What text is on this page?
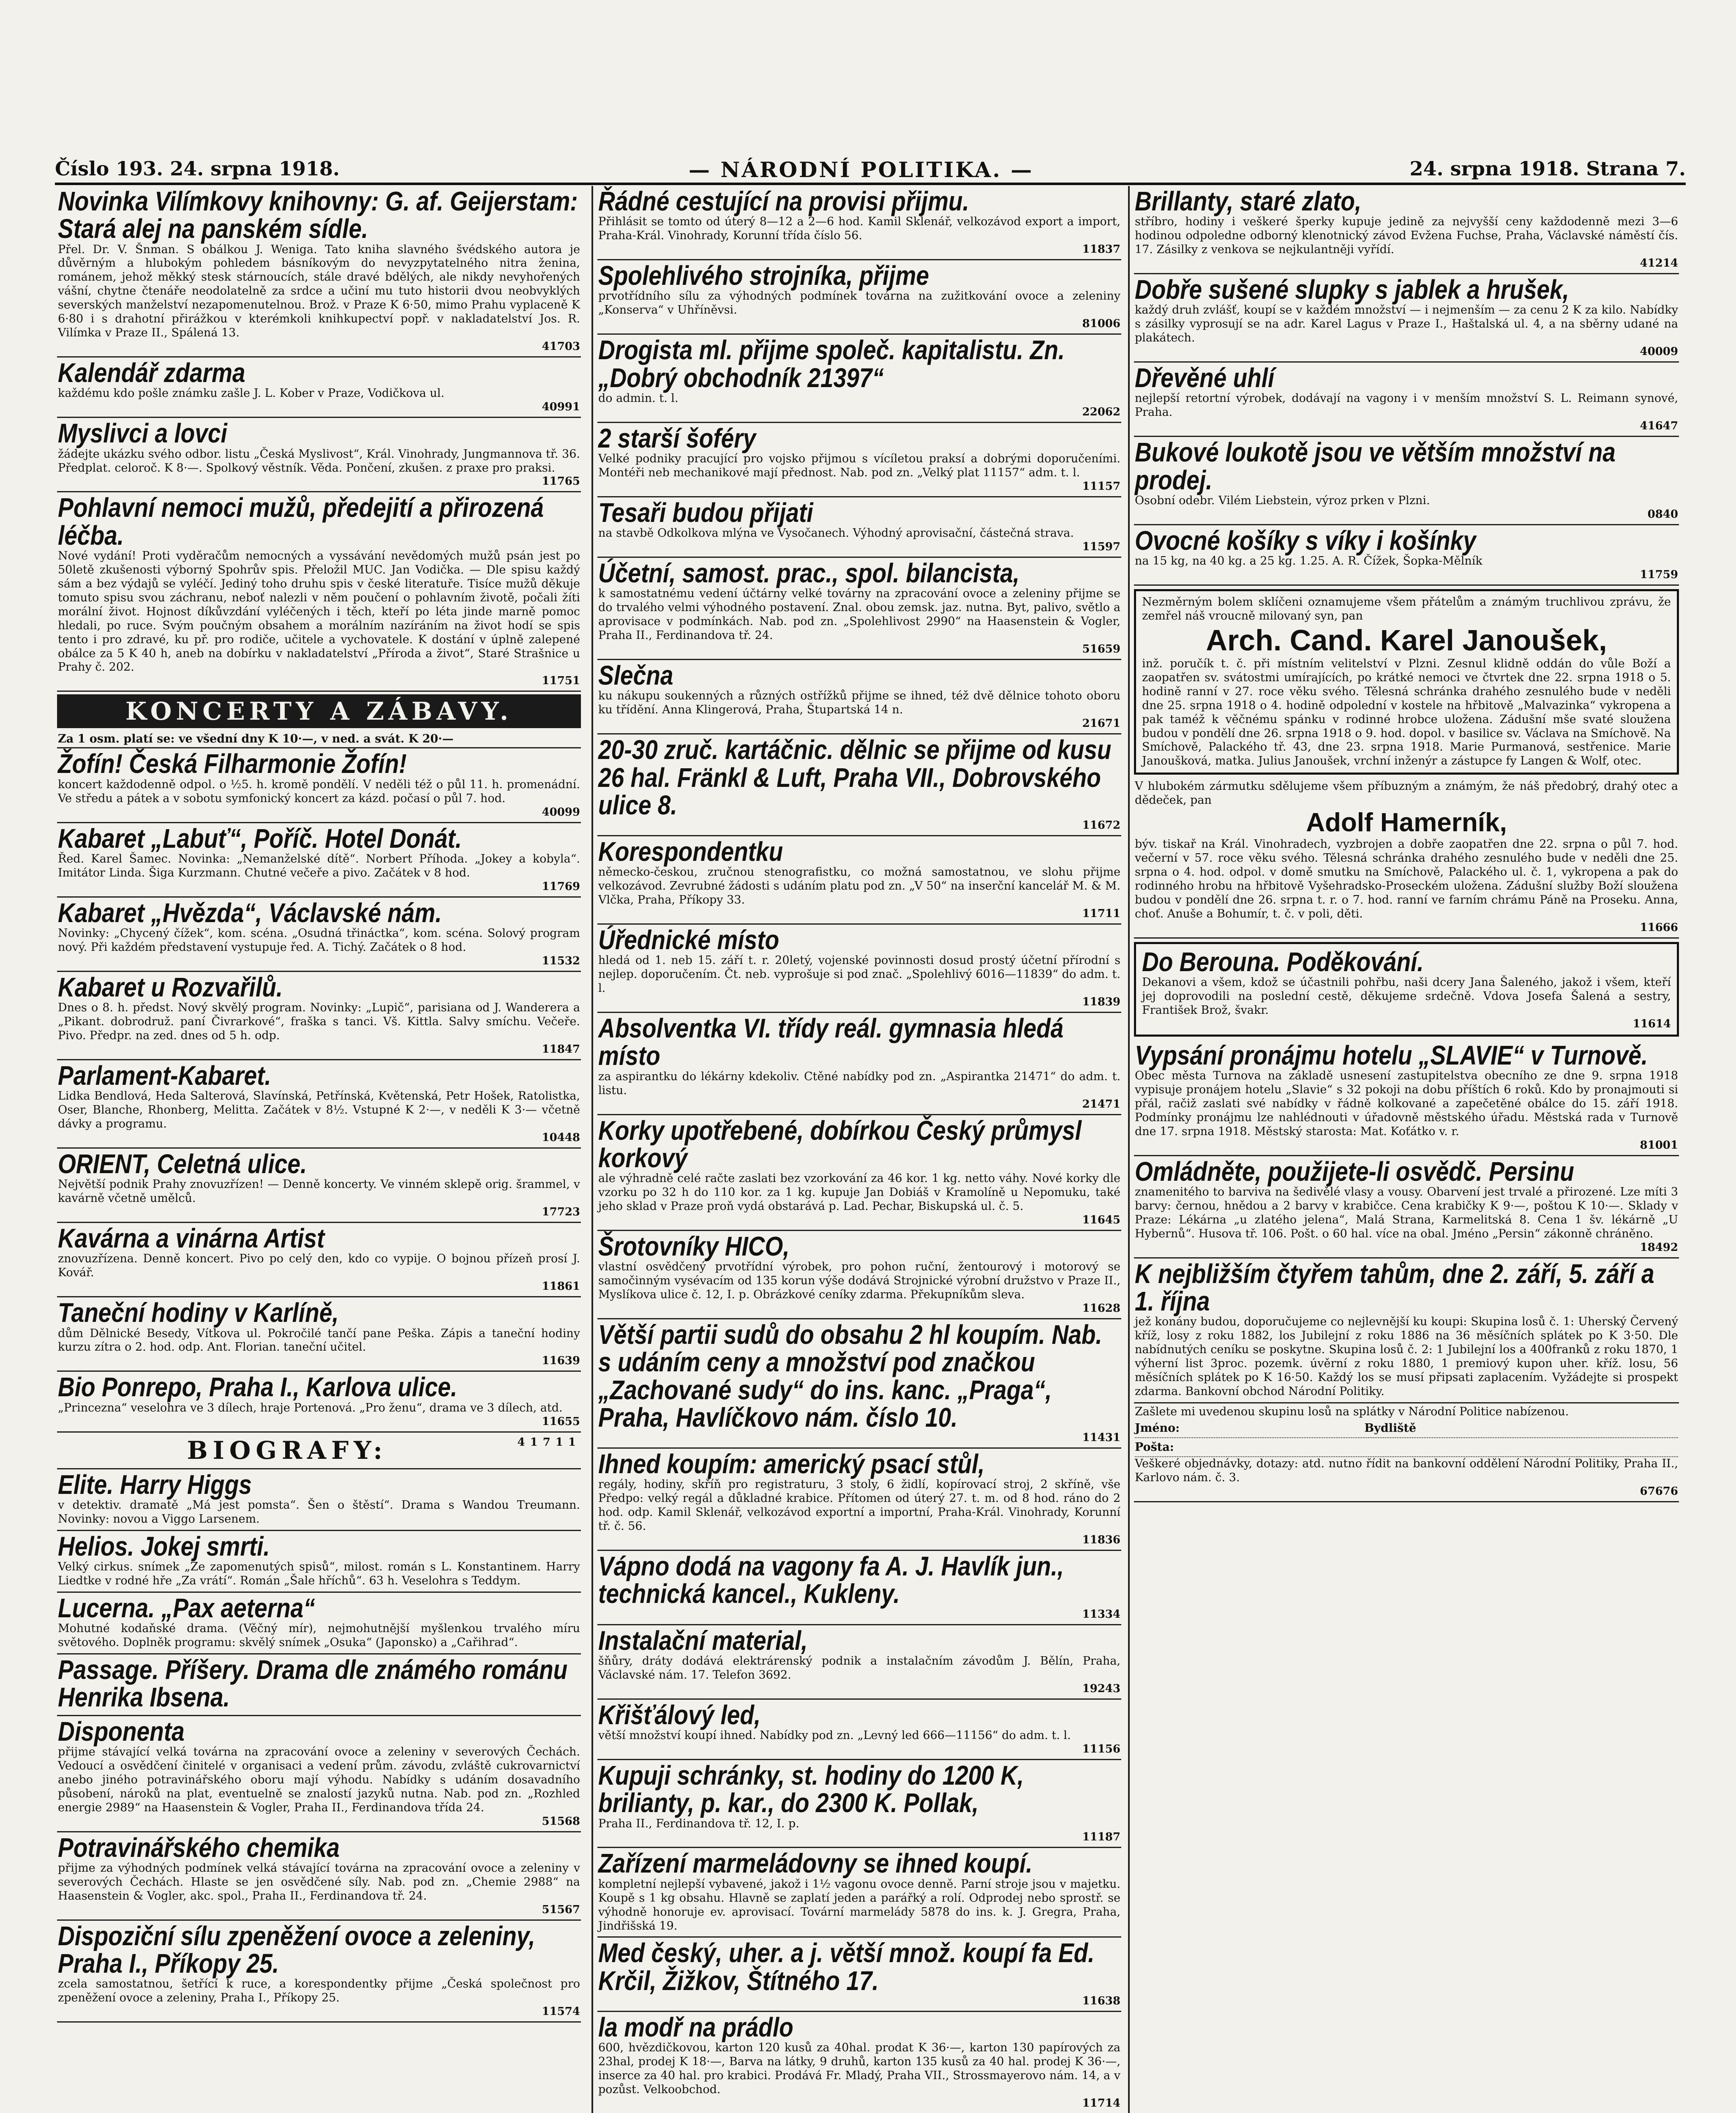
Číslo 193. 24. srpna 1918.	— NÁRODNÍ POLITIKA. —	24. srpna 1918. Strana 7.
Novinka Vilímkovy knihovny: G. af. Geijerstam: Stará alej na panském sídle.
Přel. Dr. V. Šnman. S obálkou J. Wenigа. Tato kniha slavného švédského autora je důvěrným a hlubokým pohledem básníkovým do nevyzpytatelného nitra ženina, románem, jehož měkký stesk stárnoucích, stále dravé bdělých, ale nikdy nevyhořených vášní, chytne čtenáře neodolatelně za srdce a učiní mu tuto historii dvou neobvyklých severských manželství nezapomenutelnou. Brož. v Praze K 6·50, mimo Prahu vyplaceně K 6·80 i s drahotní přirážkou v kterémkoli knihkupectví popř. v nakladatelství Jos. R. Vilímka v Praze II., Spálená 13.
41703
Kalendář zdarma
každému kdo pošle známku zašle J. L. Kober v Praze, Vodičkova ul.
40991
Myslivci a lovci
žádejte ukázku svého odbor. listu „Česká Myslivost“, Král. Vinohrady, Jungmannova tř. 36. Předplat. celoroč. K 8·—. Spolkový věstník. Věda. Pončení, zkušen. z praxe pro praksi.
11765
Pohlavní nemoci mužů, předejití a přirozená léčba.
Nové vydání! Proti vyděračům nemocných a vyssávání nevědomých mužů psán jest po 50letě zkušenosti výborný Spohrův spis. Přeložil MUC. Jan Vodička. — Dle spisu každý sám a bez výdajů se vyléčí. Jediný toho druhu spis v české literatuře. Tisíce mužů děkuje tomuto spisu svou záchranu, neboť nalezli v něm poučení o pohlavním životě, počali žíti morální život. Hojnost díkůvzdání vyléčených i těch, kteří po léta jinde marně pomoc hledali, po ruce. Svým poučným obsahem a morálním nazíráním na život hodí se spis tento i pro zdravé, ku př. pro rodiče, učitele a vychovatele. K dostání v úplně zalepené obálce za 5 K 40 h, aneb na dobírku v nakladatelství „Příroda a život“, Staré Strašnice u Prahy č. 202.
11751
KONCERTY A ZÁBAVY.
Za 1 osm. platí se: ve všední dny K 10·—, v ned. a svát. K 20·—
Žofín! Česká Filharmonie Žofín!
koncert každodenně odpol. o ½5. h. kromě pondělí. V neděli též o půl 11. h. promenádní. Ve středu a pátek a v sobotu symfonický koncert za kázd. počasí o půl 7. hod.
40099
Kabaret „Labuť“, Poříč. Hotel Donát.
Řed. Karel Šamec. Novinka: „Nemanželské dítě“. Norbert Příhoda. „Jokey a kobyla“. Imitátor Linda. Šiga Kurzmann. Chutné večeře a pivo. Začátek v 8 hod.
11769
Kabaret „Hvězda“, Václavské nám.
Novinky: „Chycený čížek“, kom. scéna. „Osudná třináctka“, kom. scéna. Solový program nový. Při každém představení vystupuje řed. A. Tichý. Začátek o 8 hod.
11532
Kabaret u Rozvařilů.
Dnes o 8. h. předst. Nový skvělý program. Novinky: „Lupič“, parisiana od J. Wanderera a „Pikant. dobrodruž. paní Čivrarkové“, fraška s tanci. Vš. Kittla. Salvy smíchu. Večeře. Pivo. Předpr. na zed. dnes od 5 h. odp.
11847
Parlament-Kabaret.
Lidka Bendlová, Hedа Salterová, Slavínská, Petřínská, Květenská, Petr Hošek, Ratolistka, Oser, Blanche, Rhonberg, Melitta. Začátek v 8½. Vstupné K 2·—, v neděli K 3·— včetně dávky a programu.
10448
ORIENT, Celetná ulice.
Největší podnik Prahy znovuzřízen! — Denně koncerty. Ve vinném sklepě orig. šrammel, v kavárně včetně umělců.
17723
Kavárna a vinárna Artist
znovuzřízena. Denně koncert. Pivo po celý den, kdo co vypije. O bojnou přízeň prosí J. Kovář.
11861
Taneční hodiny v Karlíně,
dům Dělnické Besedy, Vítkova ul. Pokročilé tančí pane Peška. Zápis a taneční hodiny kurzu zítra o 2. hod. odp. Ant. Florian. taneční učitel.
11639
Bio Ponrepo, Praha I., Karlova ulice.
„Princezna“ veselohra ve 3 dílech, hraje Portenová. „Pro ženu“, drama ve 3 dílech, atd.
11655
BIOGRAFY:	41711
Elite. Harry Higgs
v detektiv. dramatě „Má jest pomsta“. Šen o štěstí“. Drama s Wandou Treumann. Novinky: novou a Viggo Larsenem.
Helios. Jokej smrti.
Velký cirkus. snímek „Ze zapomenutých spisů“, milost. román s L. Konstantinem. Harry Liedtke v rodné hře „Za vrátí“. Román „Šale hříchů“. 63 h. Veselohra s Teddym.
Lucerna. „Pax aeterna“
Mohutné kodaňské drama. (Věčný mír), nejmohutnější myšlenkou trvalého míru světového. Doplněk programu: skvělý snímek „Osuka“ (Japonsko) a „Cařihrad“.
Passage. Příšery. Drama dle známého románu Henrika Ibsena.
Disponenta
přijme stávající velká továrna na zpracování ovoce a zeleniny v severových Čechách. Vedoucí a osvědčení činitelé v organisaci a vedení prům. závodu, zvláště cukrovarnictví anebo jiného potravinářského oboru mají výhodu. Nabídky s udáním dosavadního působení, nároků na plat, eventuelně se znalostí jazyků nutna. Nab. pod zn. „Rozhled energie 2989“ na Haasenstein & Vogler, Praha II., Ferdinandova třída 24.
51568
Potravinářského chemika
přijme za výhodných podmínek velká stávající továrna na zpracování ovoce a zeleniny v severových Čechách. Hlaste se jen osvědčené síly. Nab. pod zn. „Chemie 2988“ na Haasenstein & Vogler, akc. spol., Praha II., Ferdinandova tř. 24.
51567
Dispoziční sílu zpeněžení ovoce a zeleniny, Praha I., Příkopy 25.
zcela samostatnou, šetřící k ruce, a korespondentky přijme „Česká společnost pro zpeněžení ovoce a zeleniny, Praha I., Příkopy 25.
11574
Řádné cestující na provisi přijmu.
Přihlásit se tomto od úterý 8—12 a 2—6 hod. Kamil Sklenář, velkozávod export a import, Praha-Král. Vinohrady, Korunní třída číslo 56.
11837
Spolehlivého strojníka, přijme
prvotřídního sílu za výhodných podmínek továrna na zužitkování ovoce a zeleniny „Konserva“ v Uhříněvsi.
81006
Drogista ml. přijme společ. kapitalistu. Zn. „Dobrý obchodník 21397“
do admin. t. l.
22062
2 starší šoféry
Velké podniky pracující pro vojsko přijmou s vícíletou praksí a dobrými doporučeními. Montéři neb mechanikové mají přednost. Nab. pod zn. „Velký plat 11157“ adm. t. l.
11157
Tesaři budou přijati
na stavbě Odkolkova mlýna ve Vysočanech. Výhodný aprovisační, částečná strava.
11597
Účetní, samost. prac., spol. bilancista,
k samostatnému vedení účtárny velké továrny na zpracování ovoce a zeleniny přijme se do trvalého velmi výhodného postavení. Znal. obou zemsk. jaz. nutna. Byt, palivo, světlo a aprovisace v podmínkách. Nab. pod zn. „Spolehlivost 2990“ na Haasenstein & Vogler, Praha II., Ferdinandova tř. 24.
51659
Slečna
ku nákupu soukenných a různých ostřížků přijme se ihned, též dvě dělnice tohoto oboru ku třídění. Anna Klingerová, Praha, Štupartská 14 n.
21671
20-30 zruč. kartáčnic. dělnic se přijme od kusu 26 hal. Fränkl & Luft, Praha VII., Dobrovského ulice 8.
11672
Korespondentku
německo-českou, zručnou stenografistku, co možná samostatnou, ve slohu přijme velkozávod. Zevrubné žádosti s udáním platu pod zn. „V 50“ na inserční kancelář M. & M. Vlčka, Praha, Příkopy 33.
11711
Úřednické místo
hledá od 1. neb 15. září t. r. 20letý, vojenské povinnosti dosud prostý účetní přírodní s nejlep. doporučením. Čt. neb. vyprošuje si pod znač. „Spolehlivý 6016—11839“ do adm. t. l.
11839
Absolventka VI. třídy reál. gymnasia hledá místo
za aspirantku do lékárny kdekoliv. Ctěné nabídky pod zn. „Aspirantka 21471“ do adm. t. listu.
21471
Korky upotřebené, dobírkou Český průmysl korkový
ale výhradně celé račte zaslati bez vzorkování za 46 kor. 1 kg. netto váhy. Nové korky dle vzorku po 32 h do 110 kor. za 1 kg. kupuje Jan Dobiáš v Kramolíně u Nepomuku, také jeho sklad v Praze proň vydá obstarává p. Lad. Pechar, Biskupská ul. č. 5.
11645
Šrotovníky HICO,
vlastní osvědčený prvotřídní výrobek, pro pohon ruční, žentourový i motorový se samočinným vysévacím od 135 korun výše dodává Strojnické výrobní družstvo v Praze II., Myslíkova ulice č. 12, I. p. Obrázkové ceníky zdarma. Překupníkům sleva.
11628
Větší partii sudů do obsahu 2 hl koupím. Nab. s udáním ceny a množství pod značkou „Zachované sudy“ do ins. kanc. „Praga“, Praha, Havlíčkovo nám. číslo 10.
11431
Ihned koupím: americký psací stůl,
regály, hodiny, skříň pro registraturu, 3 stoly, 6 židlí, kopírovací stroj, 2 skříně, vše Předpo: velký regál a důkladné krabice. Přítomen od úterý 27. t. m. od 8 hod. ráno do 2 hod. odp. Kamil Sklenář, velkozávod exportní a importní, Praha-Král. Vinohrady, Korunní tř. č. 56.
11836
Vápno dodá na vagony fa A. J. Havlík jun., technická kancel., Kukleny.
11334
Instalační material,
šňůry, dráty dodává elektrárenský podnik a instalačním závodům J. Bělín, Praha, Václavské nám. 17. Telefon 3692.
19243
Křišťálový led,
větší množství koupí ihned. Nabídky pod zn. „Levný led 666—11156“ do adm. t. l.
11156
Kupuji schránky, st. hodiny do 1200 K, brilianty, p. kar., do 2300 K. Pollak,
Praha II., Ferdinandova tř. 12, I. p.
11187
Zařízení marmeládovny se ihned koupí.
kompletní nejlepší vybavené, jakož i 1½ vagonu ovoce denně. Parní stroje jsou v majetku. Koupě s 1 kg obsahu. Hlavně se zaplatí jeden a parářký a rolí. Odprodej nebo sprostř. se výhodně honoruje ev. aprovisací. Tovární marmelády 5878 do ins. k. J. Gregra, Praha, Jindřišská 19.
Med český, uher. a j. větší množ. koupí fa Ed. Krčil, Žižkov, Štítného 17.
11638
la modř na prádlo
600, hvězdičkovou, karton 120 kusů za 40hal. prodat K 36·—, karton 130 papírových za 23hal, prodej K 18·—, Barva na látky, 9 druhů, karton 135 kusů za 40 hal. prodej K 36·—, inserce za 40 hal. pro krabici. Prodává Fr. Mladý, Praha VII., Strossmayerovo nám. 14, a v pozůst. Velkoobchod.
11714
Brillanty, staré zlato,
stříbro, hodiny i veškeré šperky kupuje jedině za nejvyšší ceny každodenně mezi 3—6 hodinou odpoledne odborný klenotnický závod Evžena Fuchse, Praha, Václavské náměstí čís. 17. Zásilky z venkova se nejkulantněji vyřídí.
41214
Dobře sušené slupky s jablek a hrušek,
každý druh zvlášť, koupí se v každém množství — i nejmenším — za cenu 2 K za kilo. Nabídky s zásilky vyprosují se na adr. Karel Lagus v Praze I., Haštalská ul. 4, a na sběrny udané na plakátech.
40009
Dřevěné uhlí
nejlepší retortní výrobek, dodávají na vagony i v menším množství S. L. Reimann synové, Praha.
41647
Bukové loukotě jsou ve větším množství na prodej.
Osobní odebr. Vilém Liebstein, výroz prken v Plzni.
0840
Ovocné košíky s víky i košínky
na 15 kg, na 40 kg. a 25 kg. 1.25. A. R. Čížek, Šopka-Mělník
11759
Nezměrným bolem sklíčeni oznamujeme všem přátelům a známým truchlivou zprávu, že zemřel náš vroucně milovaný syn, pan
Arch. Cand. Karel Janoušek,
inž. poručík t. č. při místním velitelství v Plzni. Zesnul klidně oddán do vůle Boží a zaopatřen sv. svátostmi umírajících, po krátké nemoci ve čtvrtek dne 22. srpna 1918 o 5. hodině ranní v 27. roce věku svého. Tělesná schránka drahého zesnulého bude v neděli dne 25. srpna 1918 o 4. hodině odpolední v kostele na hřbitově „Malvazinka“ vykropena a pak taméž k věčnému spánku v rodinné hrobce uložena. Zádušní mše svaté sloužena budou v pondělí dne 26. srpna 1918 o 9. hod. dopol. v basilice sv. Václava na Smíchově. Na Smíchově, Palackého tř. 43, dne 23. srpna 1918. Marie Purmanová, sestřenice. Marie Janoušková, matka. Julius Janoušek, vrchní inženýr a zástupce fy Langen & Wolf, otec.
V hlubokém zármutku sdělujeme všem příbuzným a známým, že náš předobrý, drahý otec a dědeček, pan
Adolf Hamerník,
býv. tiskař na Král. Vinohradech, vyzbrojen a dobře zaopatřen dne 22. srpna o půl 7. hod. večerní v 57. roce věku svého. Tělesná schránka drahého zesnulého bude v neděli dne 25. srpna o 4. hod. odpol. v domě smutku na Smíchově, Palackého ul. č. 1, vykropena a pak do rodinného hrobu na hřbitově Vyšehradsko-Proseckém uložena. Zádušní služby Boží sloužena budou v pondělí dne 26. srpna t. r. o 7. hod. ranní ve farním chrámu Páně na Proseku. Anna, choť. Anuše a Bohumír, t. č. v poli, děti.
11666
Do Berouna. Poděkování.
Dekanovi a všem, kdož se účastnili pohřbu, naši dcery Jana Šaleného, jakož i všem, kteří jej doprovodili na poslední cestě, děkujeme srdečně. Vdova Josefa Šalená a sestry, František Brož, švakr.
11614
Vypsání pronájmu hotelu „SLAVIE“ v Turnově.
Obec města Turnova na základě usnesení zastupitelstva obecního ze dne 9. srpna 1918 vypisuje pronájem hotelu „Slavie“ s 32 pokoji na dobu příštích 6 roků. Kdo by pronajmouti si přál, račiž zaslati své nabídky v řádně kolkované a zapečetěné obálce do 15. září 1918. Podmínky pronájmu lze nahlédnouti v úřadovně městského úřadu. Městská rada v Turnově dne 17. srpna 1918. Městský starosta: Mat. Koťátko v. r.
81001
Omládněte, použijete-li osvědč. Persinu
znamenitého to barviva na šedivělé vlasy a vousy. Obarvení jest trvalé a přirozené. Lze míti 3 barvy: černou, hnědou a 2 barvy v krabičce. Cena krabičky K 9·—, poštou K 10·—. Sklady v Praze: Lékárna „u zlatého jelena“, Malá Strana, Karmelitská 8. Cena 1 šv. lékárně „U Hybernů“. Husova tř. 106. Pošt. o 60 hal. více na obal. Jméno „Persin“ zákonně chráněno.
18492
K nejbližším čtyřem tahům, dne 2. září, 5. září a 1. října
jež konány budou, doporučujeme co nejlevnější ku koupi: Skupina losů č. 1: Uherský Červený kříž, losy z roku 1882, los Jubilejní z roku 1886 na 36 měsíčních splátek po K 3·50. Dle nabídnutých ceníku se poskytne. Skupina losů č. 2: 1 Jubilejní los a 400franků z roku 1870, 1 výherní list 3proc. pozemk. úvěrní z roku 1880, 1 premiový kupon uher. kříž. losu, 56 měsíčních splátek po K 16·50. Každý los se musí připsati zaplacením. Vyžádejte si prospekt zdarma. Bankovní obchod Národní Politiky.
Zašlete mi uvedenou skupinu losů na splátky v Národní Politice nabízenou.
Jméno:	Bydliště
Pošta:
Veškeré objednávky, dotazy: atd. nutno řídit na bankovní oddělení Národní Politiky, Praha II., Karlovo nám. č. 3.
67676
